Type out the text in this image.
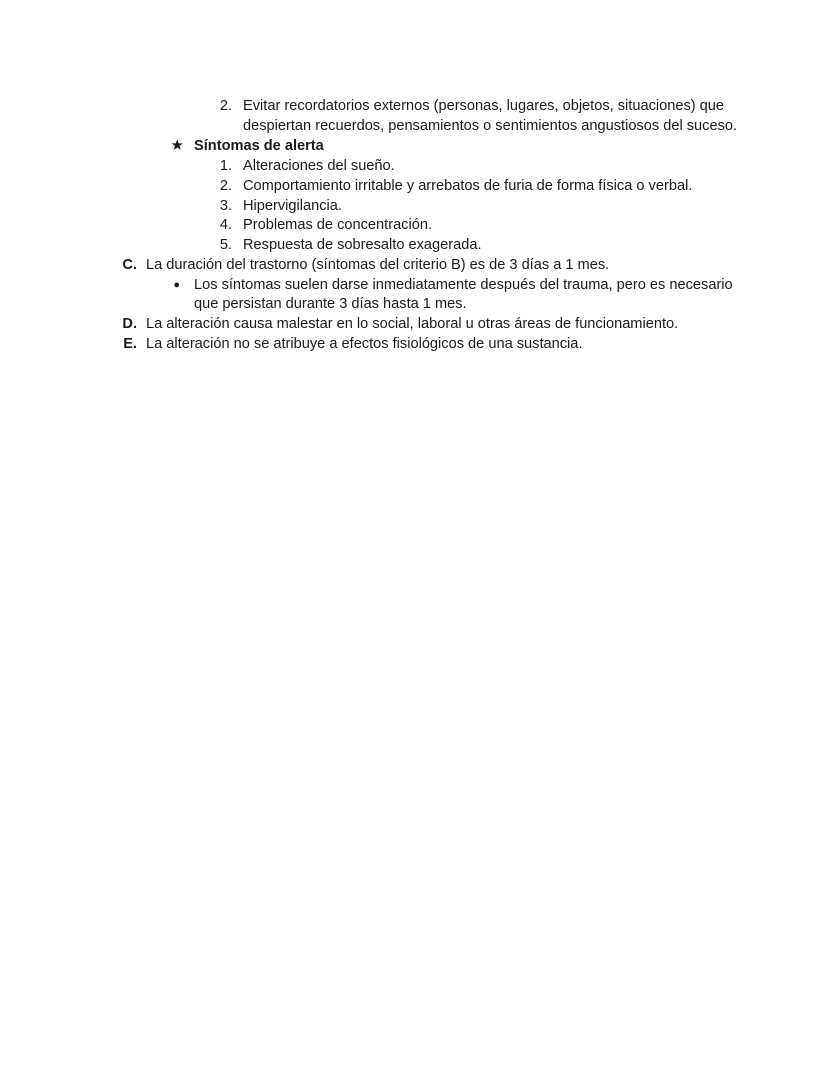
2. Evitar recordatorios externos (personas, lugares, objetos, situaciones) que
despiertan recuerdos, pensamientos o sentimientos angustiosos del suceso.
★ Síntomas de alerta
1. Alteraciones del sueño.
2. Comportamiento irritable y arrebatos de furia de forma física o verbal.
3. Hipervigilancia.
4. Problemas de concentración.
5. Respuesta de sobresalto exagerada.
C. La duración del trastorno (síntomas del criterio B) es de 3 días a 1 mes.
● Los síntomas suelen darse inmediatamente después del trauma, pero es necesario
que persistan durante 3 días hasta 1 mes.
D. La alteración causa malestar en lo social, laboral u otras áreas de funcionamiento.
E. La alteración no se atribuye a efectos fisiológicos de una sustancia.
